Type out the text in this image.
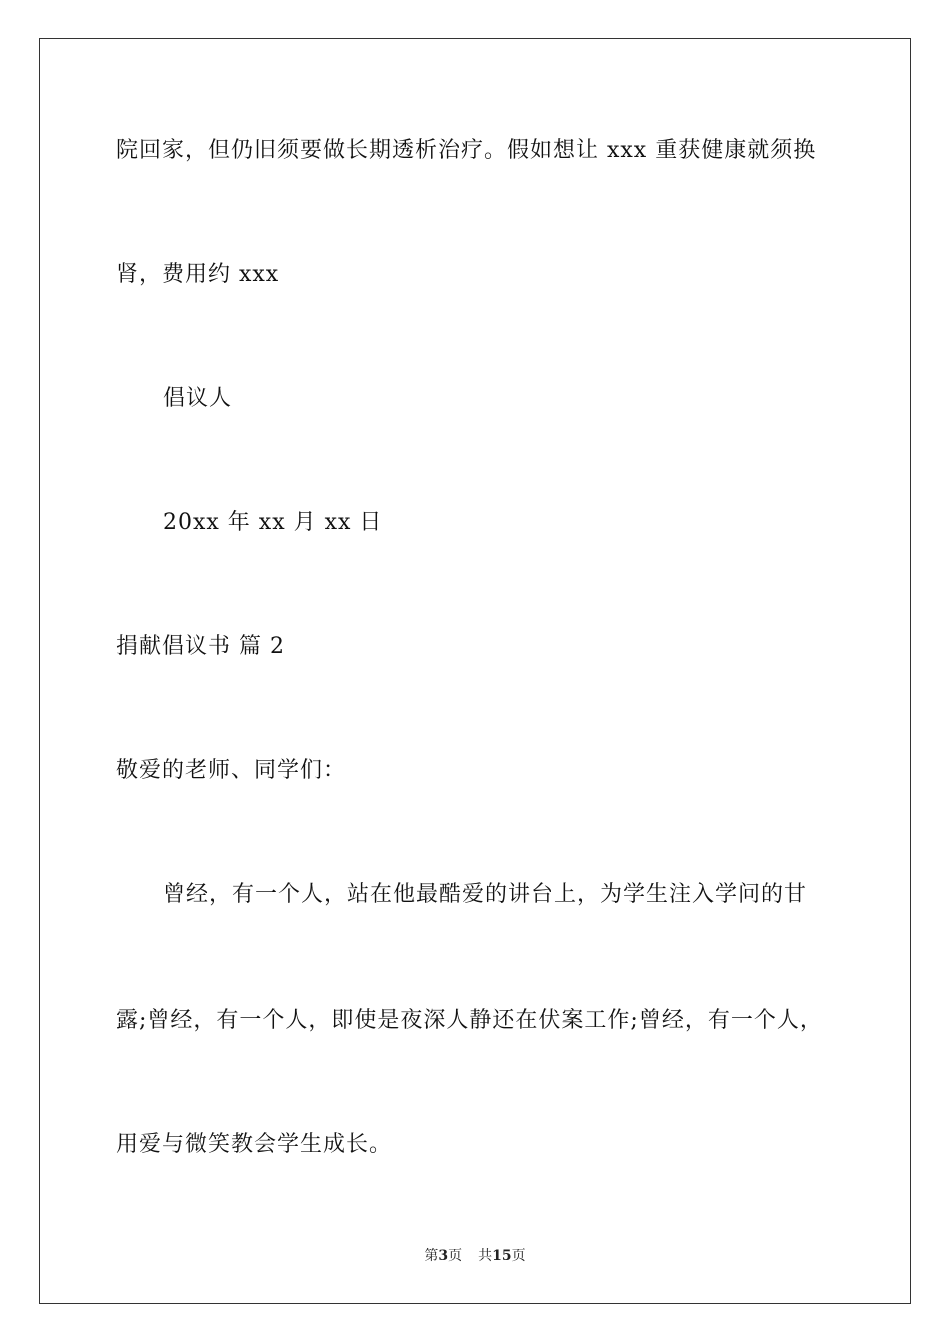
院回家，但仍旧须要做长期透析治疗。假如想让 xxx 重获健康就须换
肾，费用约 xxx
倡议人
20xx 年 xx 月 xx 日
捐献倡议书 篇 2
敬爱的老师、同学们：
曾经，有一个人，站在他最酷爱的讲台上，为学生注入学问的甘
露;曾经，有一个人，即使是夜深人静还在伏案工作;曾经，有一个人，
用爱与微笑教会学生成长。
第3页 共15页
